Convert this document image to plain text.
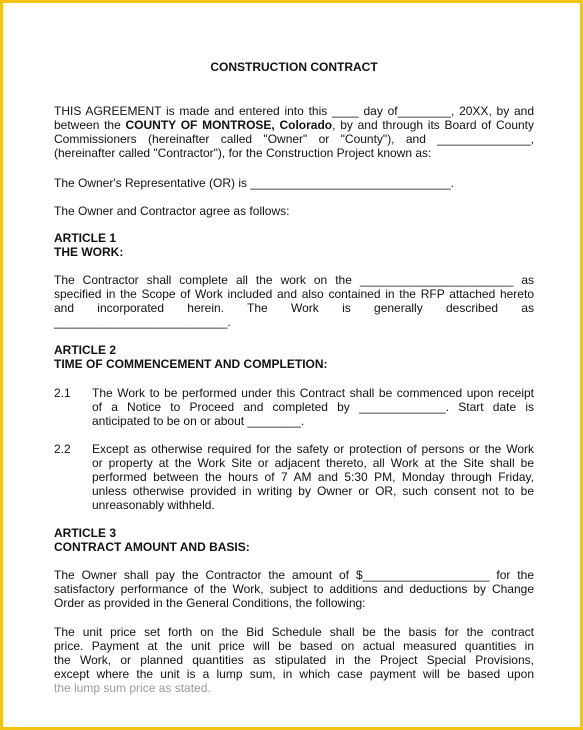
CONSTRUCTION CONTRACT
THIS AGREEMENT is made and entered into this ____ day of________, 20XX, by and
between the COUNTY OF MONTROSE, Colorado, by and through its Board of County
Commissioners (hereinafter called "Owner" or "County"), and ______________,
(hereinafter called "Contractor"), for the Construction Project known as:
The Owner's Representative (OR) is ______________________________.
The Owner and Contractor agree as follows:
ARTICLE 1
THE WORK:
The Contractor shall complete all the work on the _______________________ as
specified in the Scope of Work included and also contained in the RFP attached hereto
and incorporated herein. The Work is generally described as
__________________________.
ARTICLE 2
TIME OF COMMENCEMENT AND COMPLETION:
2.1 The Work to be performed under this Contract shall be commenced upon receipt
of a Notice to Proceed and completed by _____________. Start date is
anticipated to be on or about ________.
2.2 Except as otherwise required for the safety or protection of persons or the Work
or property at the Work Site or adjacent thereto, all Work at the Site shall be
performed between the hours of 7 AM and 5:30 PM, Monday through Friday,
unless otherwise provided in writing by Owner or OR, such consent not to be
unreasonably withheld.
ARTICLE 3
CONTRACT AMOUNT AND BASIS:
The Owner shall pay the Contractor the amount of $___________________ for the
satisfactory performance of the Work, subject to additions and deductions by Change
Order as provided in the General Conditions, the following:
The unit price set forth on the Bid Schedule shall be the basis for the contract
price. Payment at the unit price will be based on actual measured quantities in
the Work, or planned quantities as stipulated in the Project Special Provisions,
except where the unit is a lump sum, in which case payment will be based upon
the lump sum price as stated.
